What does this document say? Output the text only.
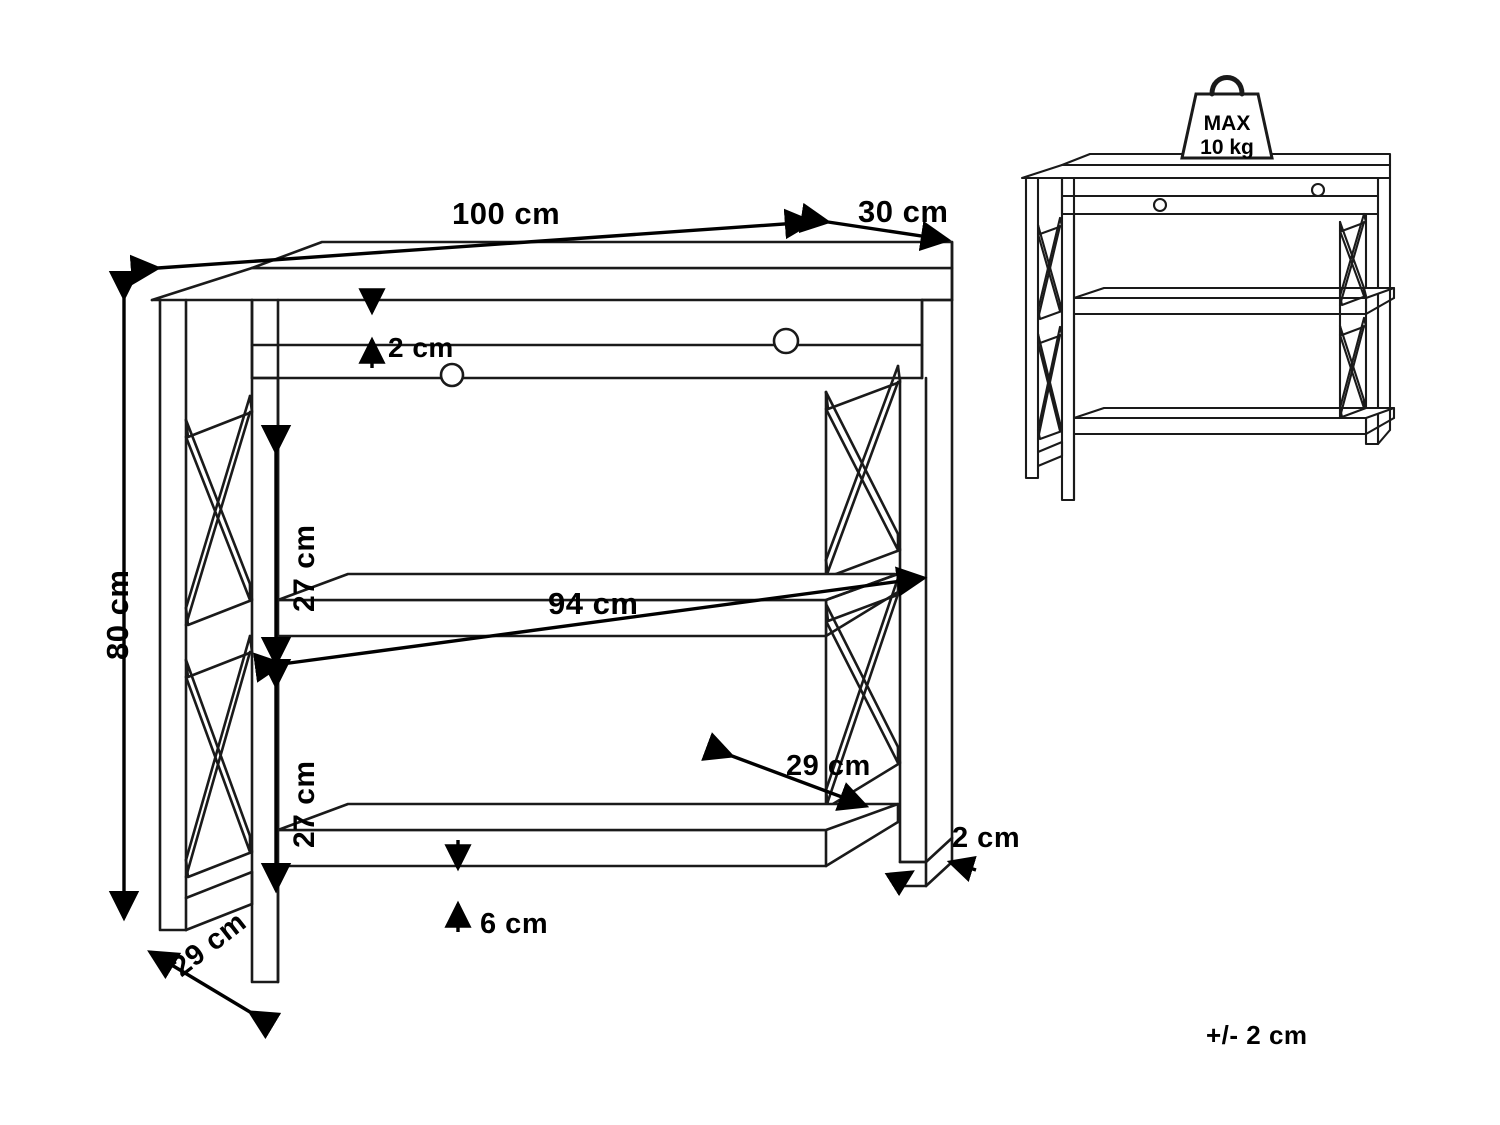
100 cm	30 cm
2 cm
80 cm
27 cm	94 cm
27 cm	29 cm
2 cm
6 cm
29 cm
MAX
10 kg
+/- 2 cm
